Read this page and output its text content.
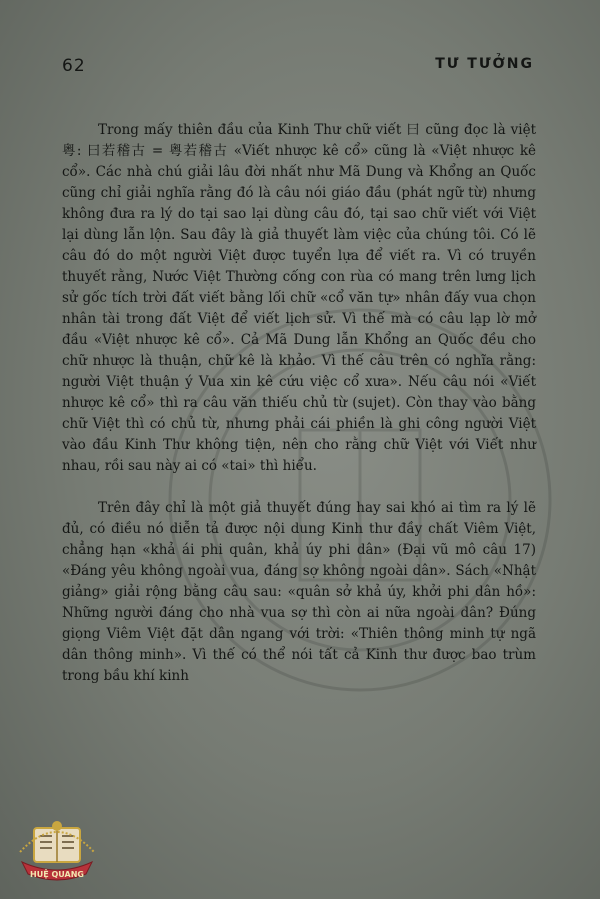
62	TƯ TƯỞNG

Trong mấy thiên đầu của Kinh Thư chữ viết 曰 cũng đọc là việt 粵: 曰若稽古 = 粵若稽古 «Viết nhược kê cổ» cũng là «Việt nhược kê cổ». Các nhà chú giải lâu đời nhất như Mã Dung và Khổng an Quốc cũng chỉ giải nghĩa rằng đó là câu nói giáo đầu (phát ngữ từ) nhưng không đưa ra lý do tại sao lại dùng câu đó, tại sao chữ viết với Việt lại dùng lẫn lộn. Sau đây là giả thuyết làm việc của chúng tôi. Có lẽ câu đó do một người Việt được tuyển lựa để viết ra. Vì có truyền thuyết rằng, Nước Việt Thường cống con rùa có mang trên lưng lịch sử gốc tích trời đất viết bằng lối chữ «cổ văn tự» nhân đấy vua chọn nhân tài trong đất Việt để viết lịch sử. Vì thế mà có câu lạp lờ mở đầu «Việt nhược kê cổ». Cả Mã Dung lẫn Khổng an Quốc đều cho chữ nhược là thuận, chữ kê là khảo. Vì thế câu trên có nghĩa rằng: người Việt thuận ý Vua xin kê cứu việc cổ xưa». Nếu câu nói «Viết nhược kê cổ» thì ra câu văn thiếu chủ từ (sujet). Còn thay vào bằng chữ Việt thì có chủ từ, nhưng phải cái phiền là ghi công người Việt vào đầu Kinh Thư không tiện, nên cho rằng chữ Việt với Viết như nhau, rồi sau này ai có «tai» thì hiểu.

Trên đây chỉ là một giả thuyết đúng hay sai khó ai tìm ra lý lẽ đủ, có điều nó diễn tả được nội dung Kinh thư đầy chất Viêm Việt, chẳng hạn «khả ái phi quân, khả úy phi dân» (Đại vũ mô câu 17) «Đáng yêu không ngoài vua, đáng sợ không ngoài dân». Sách «Nhật giảng» giải rộng bằng câu sau: «quân sở khả úy, khởi phi dân hồ»: Những người đáng cho nhà vua sợ thì còn ai nữa ngoài dân? Đúng giọng Viêm Việt đặt dân ngang với trời: «Thiên thông minh tự ngã dân thông minh». Vì thế có thể nói tất cả Kinh thư được bao trùm trong bầu khí kinh

HUỆ QUANG
